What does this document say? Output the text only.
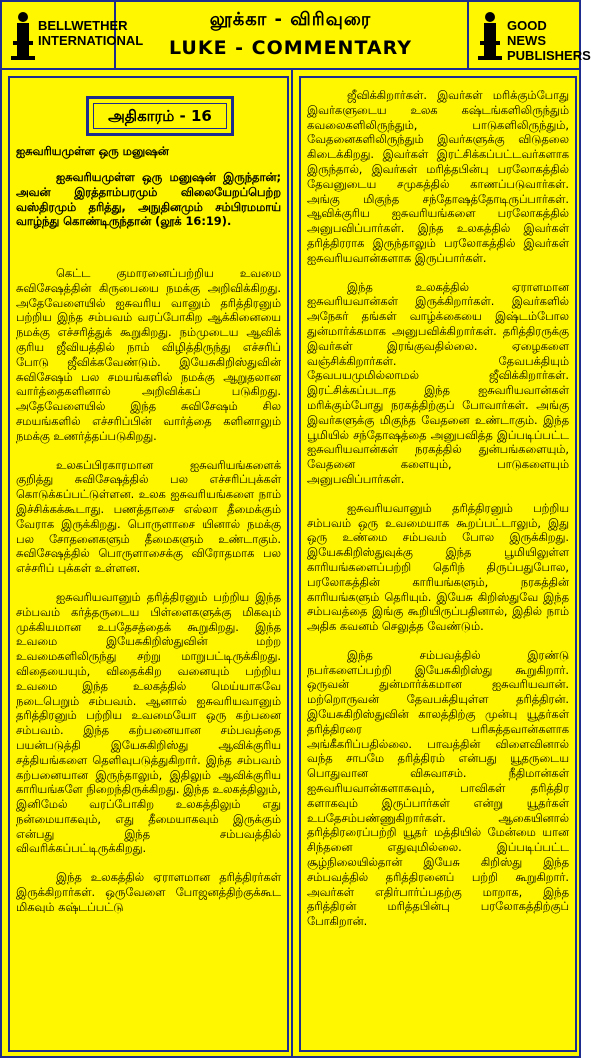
BELLWETHER INTERNATIONAL
லூக்கா - விரிவுரை
LUKE - COMMENTARY
GOOD NEWS PUBLISHERS
அதிகாரம் - 16
ஐசுவரியமுள்ள ஒரு மனுஷன்
ஐசுவரியமுள்ள ஒரு மனுஷன் இருந்தான்; அவன் இரத்தாம்பரமும் விலையேறப்பெற்ற வஸ்திரமும் தரித்து, அநுதினமும் சம்பிரமமாய் வாழ்ந்து கொண்டிருந்தான் (லூக் 16:19).

கெட்ட குமாரனைப்பற்றிய உவமை சுவிசேஷத்தின் கிருபையை நமக்கு அறிவிக்கிறது. அதேவேளையில் ஐசுவரிய வானும் தரித்திரனும் பற்றிய இந்த சம்பவம் வரப்போகிற ஆக்கினையை நமக்கு எச்சரித்துக் கூறுகிறது. நம்முடைய ஆவிக் குரிய ஜீவியத்தில் நாம் விழித்திருந்து எச்சரிப் போடு ஜீவிக்கவேண்டும். இயேசுகிறிஸ்துவின் சுவிசேஷம் பல சமயங்களில் நமக்கு ஆறுதலான வார்த்தைகளினால் அறிவிக்கப் படுகிறது. அதேவேளையில் இந்த சுவிசேஷம் சில சமயங்களில் எச்சரிப்பின் வார்த்தை களினாலும் நமக்கு உணர்த்தப்படுகிறது.

உலகப்பிரகாரமான ஐசுவரியங்களைக் குறித்து சுவிசேஷத்தில் பல எச்சரிப்புக்கள் கொடுக்கப்பட்டுள்ளன. உலக ஐசுவரியங்களை நாம் இச்சிக்கக்கூடாது. பணத்தாசை எல்லா தீமைக்கும் வேராக இருக்கிறது. பொருளாசை யினால் நமக்கு பல சோதனைகளும் தீமைகளும் உண்டாகும். சுவிசேஷத்தில் பொருளாசைக்கு விரோதமாக பல எச்சரிப் புக்கள் உள்ளன.

ஐசுவரியவானும் தரித்திரனும் பற்றிய இந்த சம்பவம் கர்த்தருடைய பிள்ளைகளுக்கு மிகவும் முக்கியமான உபதேசத்தைக் கூறுகிறது. இந்த உவமை இயேசுகிறிஸ்துவின் மற்ற உவமைகளிலிருந்து சற்று மாறுபட்டிருக்கிறது. விதையையும், விதைக்கிற வனையும் பற்றிய உவமை இந்த உலகத்தில் மெய்யாகவே நடைபெறும் சம்பவம். ஆனால் ஐசுவரியவானும் தரித்திரனும் பற்றிய உவமையோ ஒரு கற்பனை சம்பவம். இந்த கற்பனையான சம்பவத்தை பயன்படுத்தி இயேசுகிறிஸ்து ஆவிக்குரிய சத்தியங்களை தெளிவுபடுத்துகிறார். இந்த சம்பவம் கற்பனையான இருந்தாலும், இதிலும் ஆவிக்குரிய காரியங்களே நிறைந்திருக்கிறது. இந்த உலகத்திலும், இனிமேல் வரப்போகிற உலகத்திலும் எது நன்மையாகவும், எது தீமையாகவும் இருக்கும் என்பது இந்த சம்பவத்தில் விவரிக்கப்பட்டிருக்கிறது.

இந்த உலகத்தில் ஏராளமான தரித்திரர்கள் இருக்கிறார்கள். ஒருவேளை போஜனத்திற்குக்கூட மிகவும் கஷ்டப்பட்டு

ஜீவிக்கிறார்கள். இவர்கள் மரிக்கும்போது இவர்களுடைய உலக கஷ்டங்களிலிருந்தும் கவலைகளிலிருந்தும், பாடுகளிலிருந்தும், வேதனைகளிலிருந்தும் இவர்களுக்கு விடுதலை கிடைக்கிறது. இவர்கள் இரட்சிக்கப்பட்டவர்களாக இருந்தால், இவர்கள் மரித்தபின்பு பரலோகத்தில் தேவனுடைய சமுகத்தில் காணப்படுவார்கள். அங்கு மிகுந்த சந்தோஷத்தோடிருப்பார்கள். ஆவிக்குரிய ஐசுவரியங்களை பரலோகத்தில் அனுபவிப்பார்கள். இந்த உலகத்தில் இவர்கள் தரித்திரராக இருந்தாலும் பரலோகத்தில் இவர்கள் ஐசுவரியவான்களாக இருப்பார்கள்.

இந்த உலகத்தில் ஏராளமான ஐசுவரியவான்கள் இருக்கிறார்கள். இவர்களில் அநேகர் தங்கள் வாழ்க்கையை இஷ்டம்போல துன்மார்க்கமாக அனுபவிக்கிறார்கள். தரித்திரருக்கு இவர்கள் இரங்குவதில்லை. ஏழைகளை வஞ்சிக்கிறார்கள். தேவபக்தியும் தேவபயமுமில்லாமல் ஜீவிக்கிறார்கள். இரட்சிக்கப்படாத இந்த ஐசுவரியவான்கள் மரிக்கும்போது நரகத்திற்குப் போவார்கள். அங்கு இவர்களுக்கு மிகுந்த வேதனை உண்டாகும். இந்த பூமியில் சந்தோஷத்தை அனுபவித்த இப்படிப்பட்ட ஐசுவரியவான்கள் நரகத்தில் துன்பங்களையும், வேதனை களையும், பாடுகளையும் அனுபவிப்பார்கள்.

ஐசுவரியவானும் தரித்திரனும் பற்றிய சம்பவம் ஒரு உவமையாக கூறப்பட்டாலும், இது ஒரு உண்மை சம்பவம் போல இருக்கிறது. இயேசுகிறிஸ்துவுக்கு இந்த பூமியிலுள்ள காரியங்களைப்பற்றி தெரிந் திருப்பதுபோல, பரலோகத்தின் காரியங்களும், நரகத்தின் காரியங்களும் தெரியும். இயேசு கிறிஸ்துவே இந்த சம்பவத்தை இங்கு கூறியிருப்பதினால், இதில் நாம் அதிக கவனம் செலுத்த வேண்டும்.

இந்த சம்பவத்தில் இரண்டு நபர்களைப்பற்றி இயேசுகிறிஸ்து கூறுகிறார். ஒருவன் துன்மார்க்கமான ஐசுவரியவான். மற்றொருவன் தேவபக்தியுள்ள தரித்திரன். இயேசுகிறிஸ்துவின் காலத்திற்கு முன்பு யூதர்கள் தரித்திரரை பரிசுத்தவான்களாக அங்கீகரிப்பதில்லை. பாவத்தின் விளைவினால் வந்த சாபமே தரித்திரம் என்பது யூதருடைய பொதுவான விசுவாசம். நீதிமான்கள் ஐசுவரியவான்களாகவும், பாவிகள் தரித்திர களாகவும் இருப்பார்கள் என்று யூதர்கள் உபதேசம்பண்ணுகிறார்கள். ஆகையினால் தரித்திரரைப்பற்றி யூதர் மத்தியில் மேன்மை யான சிந்தனை எதுவுமில்லை. இப்படிப்பட்ட சூழ்நிலையில்தான் இயேசு கிறிஸ்து இந்த சம்பவத்தில் தரித்திரனைப் பற்றி கூறுகிறார். அவர்கள் எதிர்பார்ப்பதற்கு மாறாக, இந்த தரித்திரன் மரித்தபின்பு பரலோகத்திற்குப் போகிறான்.
